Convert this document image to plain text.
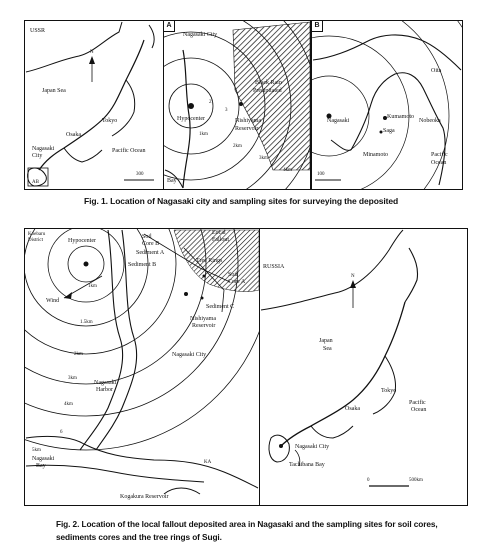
USSR
N
Japan Sea
Tokyo
Osaka
Nagasaki City
Pacific Ocean
300
AB
A
Nagasaki City
Black Rain
Precipitated
Hypocenter	Nishiyama
Reservoir
1km
2km
3km
4km
2
3
Bay
B
Nagasaki
Kumamoto
Saga
Minamoto
Oita
Nobeoka
Pacific
Ocean
100
Fig. 1. Location of Nagasaki city and sampling sites for surveying the deposited
Koebaru
District	Hypocenter
Soil
Core B
Sediment A
Sediment B
Local
Fallout
Tree Rings
Soil
Core A
Sediment C
Nishiyama
Reservoir
Nagasaki City
Wind
Nagasaki
Harbor
Nagasaki
Bay
Kogakura Reservoir
1km
1.5km
2km
3km
4km
5km
6
KA
RUSSIA
N
Japan
Sea
Osaka
Tokyo
Pacific
Ocean
Nagasaki City
Tachibana Bay
0	500km
Fig. 2. Location of the local fallout deposited area in Nagasaki and the sampling sites for soil cores, sediments cores and the tree rings of Sugi.
